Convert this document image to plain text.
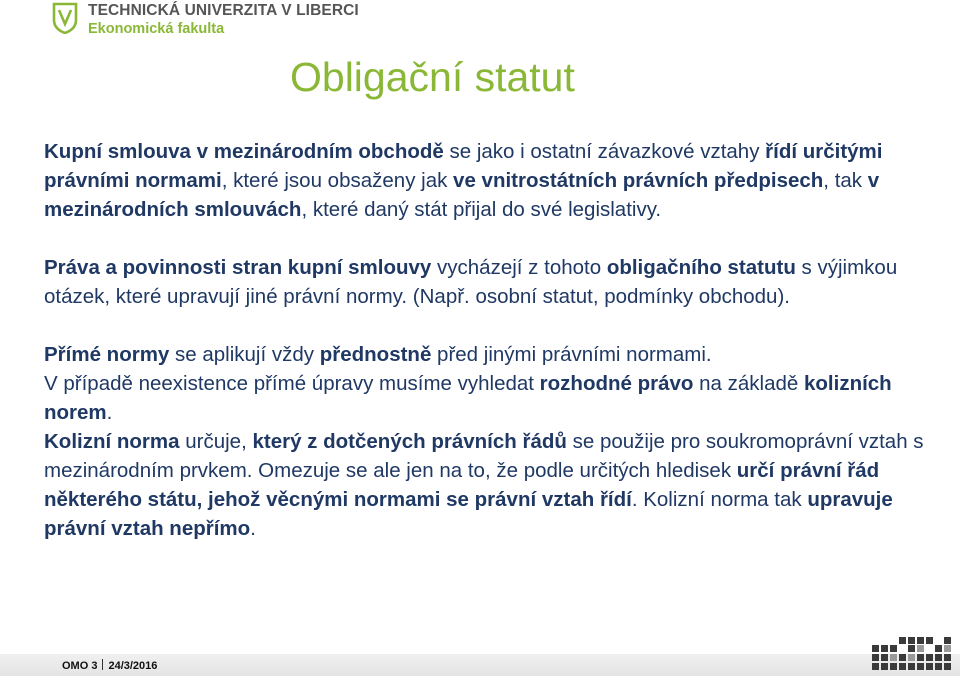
TECHNICKÁ UNIVERZITA V LIBERCI
Ekonomická fakulta
Obligační statut

Kupní smlouva v mezinárodním obchodě se jako i ostatní závazkové vztahy řídí určitými právními normami, které jsou obsaženy jak ve vnitrostátních právních předpisech, tak v mezinárodních smlouvách, které daný stát přijal do své legislativy.

Práva a povinnosti stran kupní smlouvy vycházejí z tohoto obligačního statutu s výjimkou otázek, které upravují jiné právní normy. (Např. osobní statut, podmínky obchodu).

Přímé normy se aplikují vždy přednostně před jinými právními normami.

V případě neexistence přímé úpravy musíme vyhledat rozhodné právo na základě kolizních norem.

Kolizní norma určuje, který z dotčených právních řádů se použije pro soukromoprávní vztah s mezinárodním prvkem. Omezuje se ale jen na to, že podle určitých hledisek určí právní řád některého státu, jehož věcnými normami se právní vztah řídí. Kolizní norma tak upravuje právní vztah nepřímo.

OMO 3 24/3/2016
